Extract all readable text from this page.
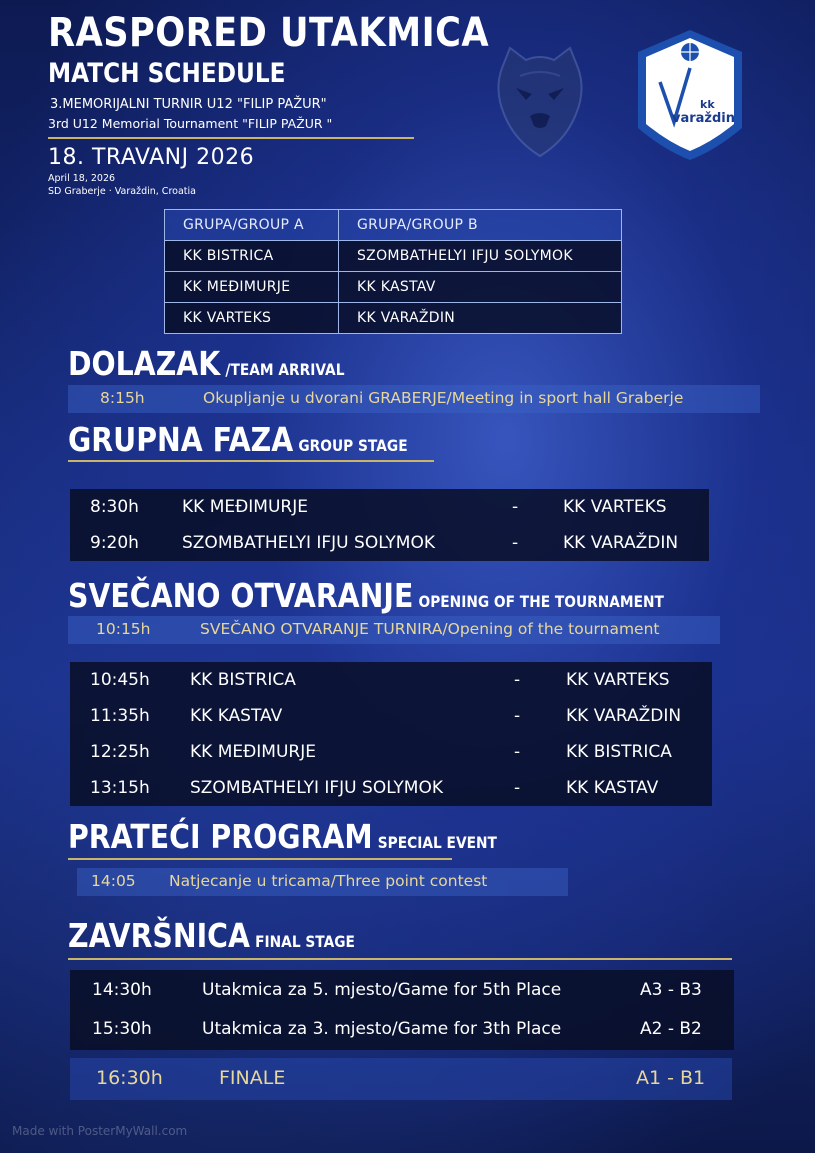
RASPORED UTAKMICA
MATCH SCHEDULE
3.MEMORIJALNI TURNIR U12 "FILIP PAŽUR"
3rd U12 Memorial Tournament "FILIP PAŽUR "
18. TRAVANJ 2026
April 18, 2026
SD Graberje · Varaždin, Croatia
kk
varaždin
GRUPA/GROUP A	GRUPA/GROUP B
KK BISTRICA	SZOMBATHELYI IFJU SOLYMOK
KK MEĐIMURJE	KK KASTAV
KK VARTEKS	KK VARAŽDIN
DOLAZAK /TEAM ARRIVAL
8:15h	Okupljanje u dvorani GRABERJE/Meeting in sport hall Graberje
GRUPNA FAZA GROUP STAGE
8:30h	KK MEĐIMURJE	-	KK VARTEKS
9:20h	SZOMBATHELYI IFJU SOLYMOK	-	KK VARAŽDIN
SVEČANO OTVARANJE OPENING OF THE TOURNAMENT
10:15h	SVEČANO OTVARANJE TURNIRA/Opening of the tournament
10:45h KK BISTRICA	-	KK VARTEKS
11:35h KK KASTAV	-	KK VARAŽDIN
12:25h KK MEĐIMURJE	-	KK BISTRICA
13:15h SZOMBATHELYI IFJU SOLYMOK	-	KK KASTAV
PRATEĆI PROGRAM SPECIAL EVENT
14:05 Natjecanje u tricama/Three point contest
ZAVRŠNICA FINAL STAGE
14:30h	Utakmica za 5. mjesto/Game for 5th Place	A3 - B3
15:30h	Utakmica za 3. mjesto/Game for 3th Place	A2 - B2
16:30h	FINALE	A1 - B1
Made with PosterMyWall.com
